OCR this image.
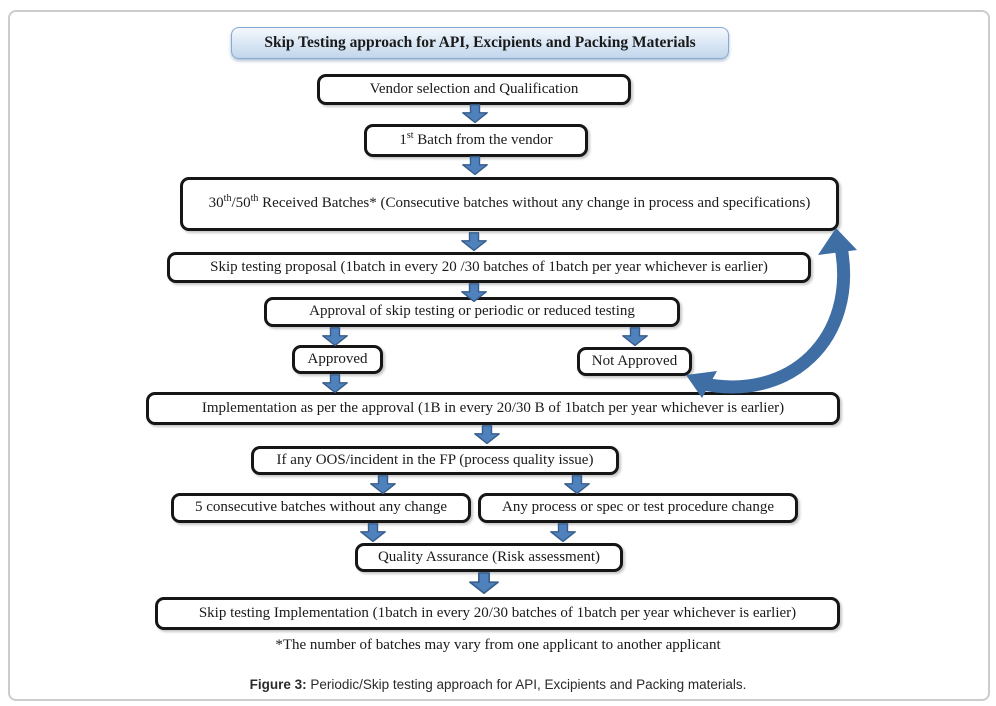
Skip Testing approach for API, Excipients and Packing Materials
Vendor selection and Qualification
1st Batch from the vendor
30th/50th Received Batches* (Consecutive batches without any change in process and specifications)
Skip testing proposal (1batch in every 20 /30 batches of 1batch per year whichever is earlier)
Approval of skip testing or periodic or reduced testing
Approved	Not Approved
Implementation as per the approval (1B in every 20/30 B of 1batch per year whichever is earlier)
If any OOS/incident in the FP (process quality issue)
5 consecutive batches without any change	Any process or spec or test procedure change
Quality Assurance (Risk assessment)
Skip testing Implementation (1batch in every 20/30 batches of 1batch per year whichever is earlier)
*The number of batches may vary from one applicant to another applicant
Figure 3: Periodic/Skip testing approach for API, Excipients and Packing materials.
